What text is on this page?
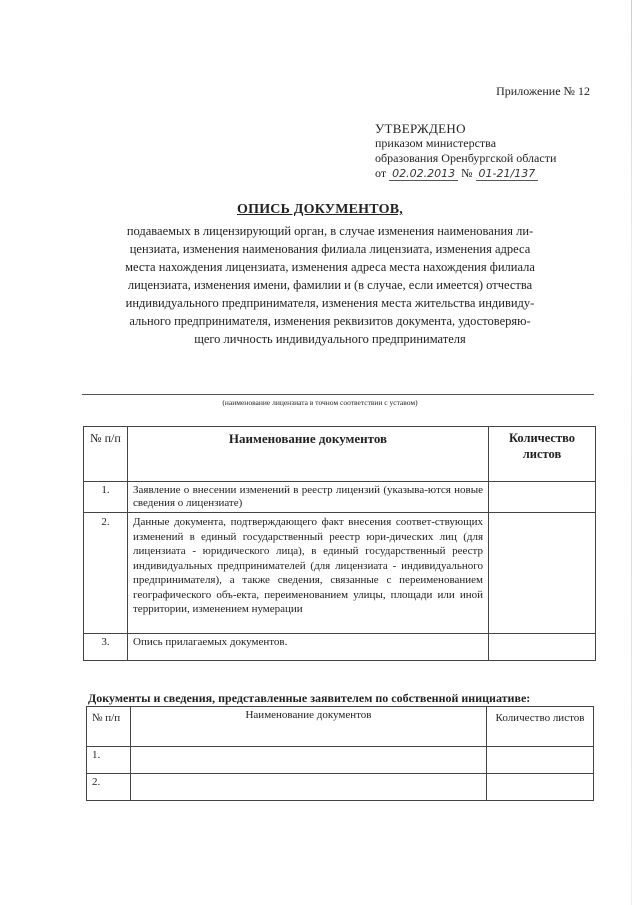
Приложение № 12
УТВЕРЖДЕНО
приказом министерства
образования Оренбургской области
от 02.02.2013 № 01-21/137
ОПИСЬ ДОКУМЕНТОВ,
подаваемых в лицензирующий орган, в случае изменения наименования ли-
цензиата, изменения наименования филиала лицензиата, изменения адреса
места нахождения лицензиата, изменения адреса места нахождения филиала
лицензиата, изменения имени, фамилии и (в случае, если имеется) отчества
индивидуального предпринимателя, изменения места жительства индивиду-
ального предпринимателя, изменения реквизитов документа, удостоверяю-
щего личность индивидуального предпринимателя
(наименование лицензиата в точном соответствии с уставом)
№ п/п	Наименование документов	Количество листов
1.	Заявление о внесении изменений в реестр лицензий (указыва-ются новые сведения о лицензиате)	
2.	Данные документа, подтверждающего факт внесения соответ-ствующих изменений в единый государственный реестр юри-дических лиц (для лицензиата - юридического лица), в единый государственный реестр индивидуальных предпринимателей (для лицензиата - индивидуального предпринимателя), а также сведения, связанные с переименованием географического объ-екта, переименованием улицы, площади или иной территории, изменением нумерации	
3.	Опись прилагаемых документов.	
Документы и сведения, представленные заявителем по собственной инициативе:
№ п/п	Наименование документов	Количество листов
1.		
2.		
